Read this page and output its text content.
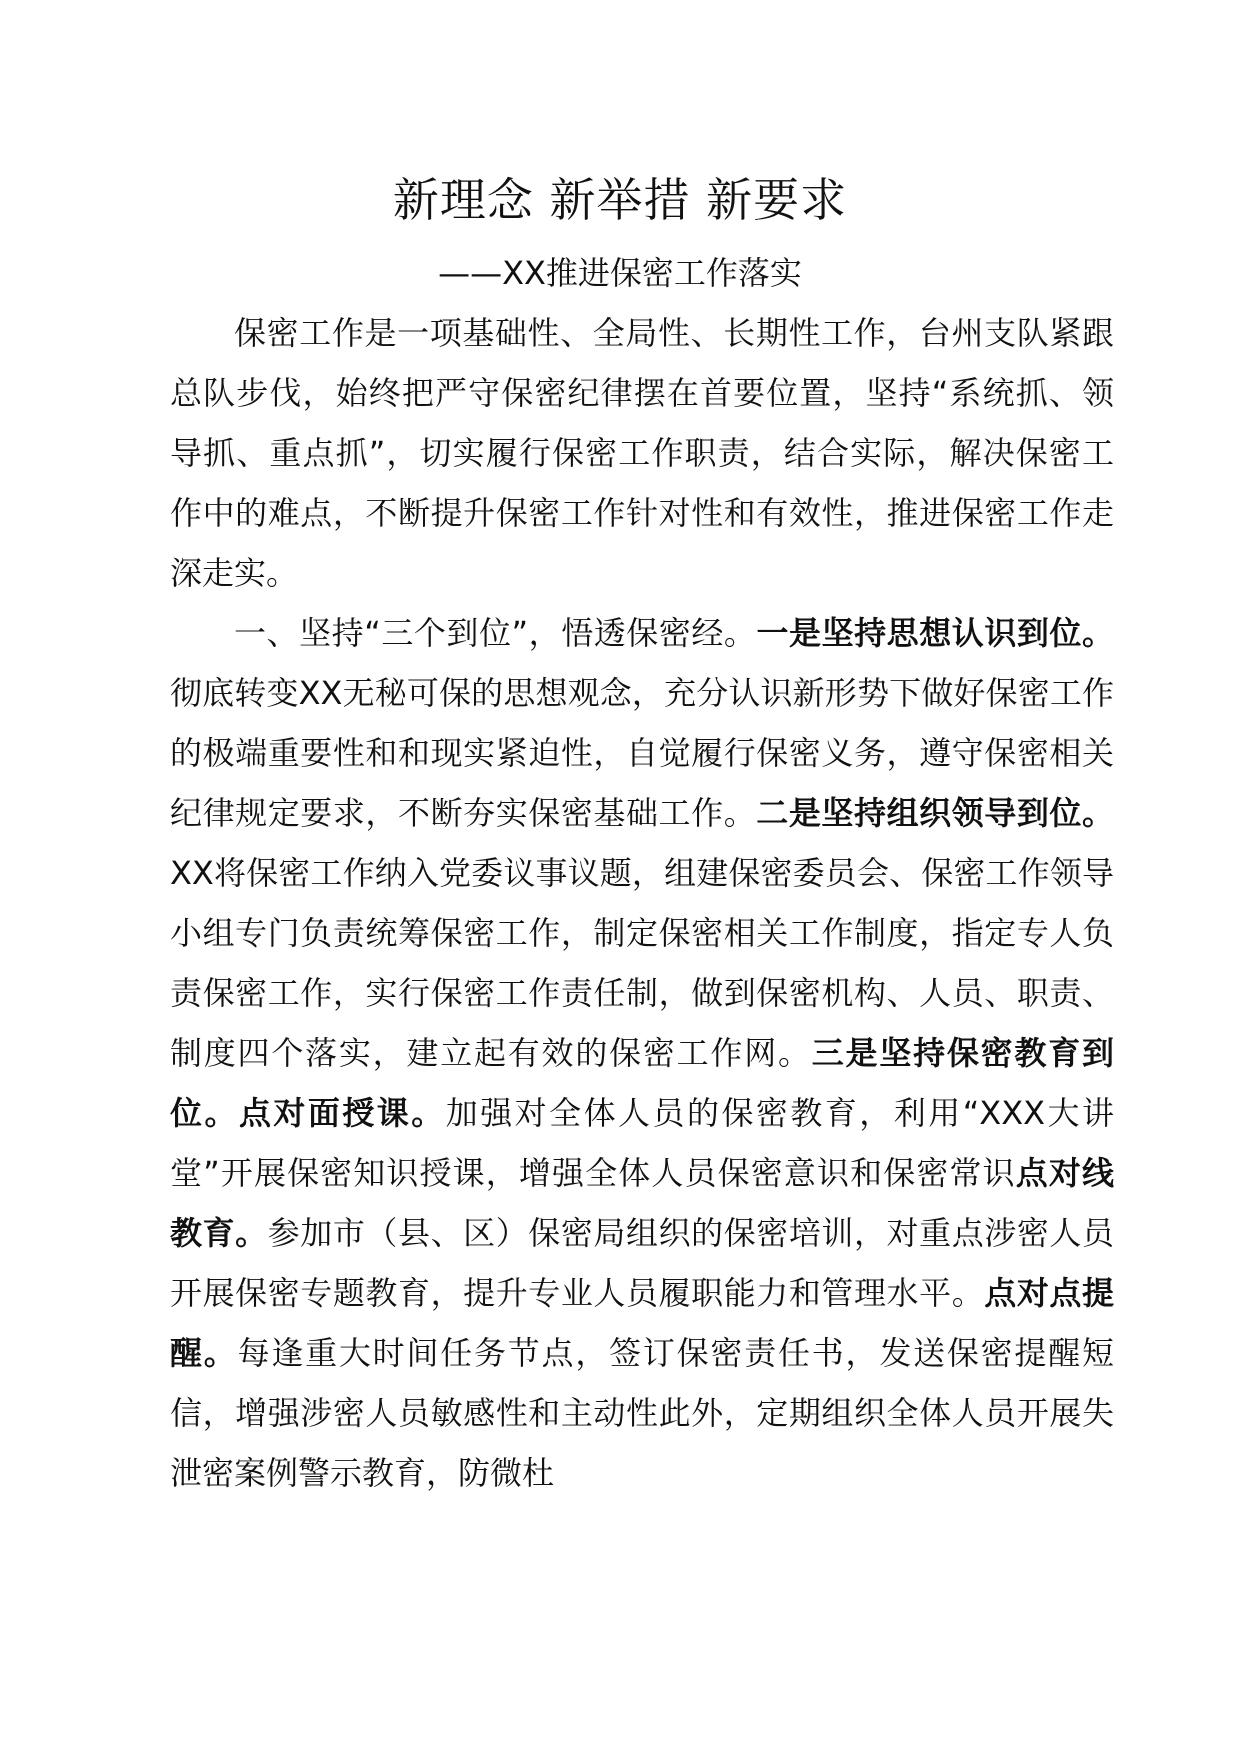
新理念 新举措 新要求
——XX推进保密工作落实

保密工作是一项基础性、全局性、长期性工作，台州支队紧跟总队步伐，始终把严守保密纪律摆在首要位置，坚持“系统抓、领导抓、重点抓”，切实履行保密工作职责，结合实际，解决保密工作中的难点，不断提升保密工作针对性和有效性，推进保密工作走深走实。

一、坚持“三个到位”，悟透保密经。一是坚持思想认识到位。彻底转变XX无秘可保的思想观念，充分认识新形势下做好保密工作的极端重要性和和现实紧迫性，自觉履行保密义务，遵守保密相关纪律规定要求，不断夯实保密基础工作。二是坚持组织领导到位。XX将保密工作纳入党委议事议题，组建保密委员会、保密工作领导小组专门负责统筹保密工作，制定保密相关工作制度，指定专人负责保密工作，实行保密工作责任制，做到保密机构、人员、职责、制度四个落实，建立起有效的保密工作网。三是坚持保密教育到位。点对面授课。加强对全体人员的保密教育，利用“XXX大讲堂”开展保密知识授课，增强全体人员保密意识和保密常识点对线教育。参加市（县、区）保密局组织的保密培训，对重点涉密人员开展保密专题教育，提升专业人员履职能力和管理水平。点对点提醒。每逢重大时间任务节点，签订保密责任书，发送保密提醒短信，增强涉密人员敏感性和主动性此外，定期组织全体人员开展失泄密案例警示教育，防微杜
